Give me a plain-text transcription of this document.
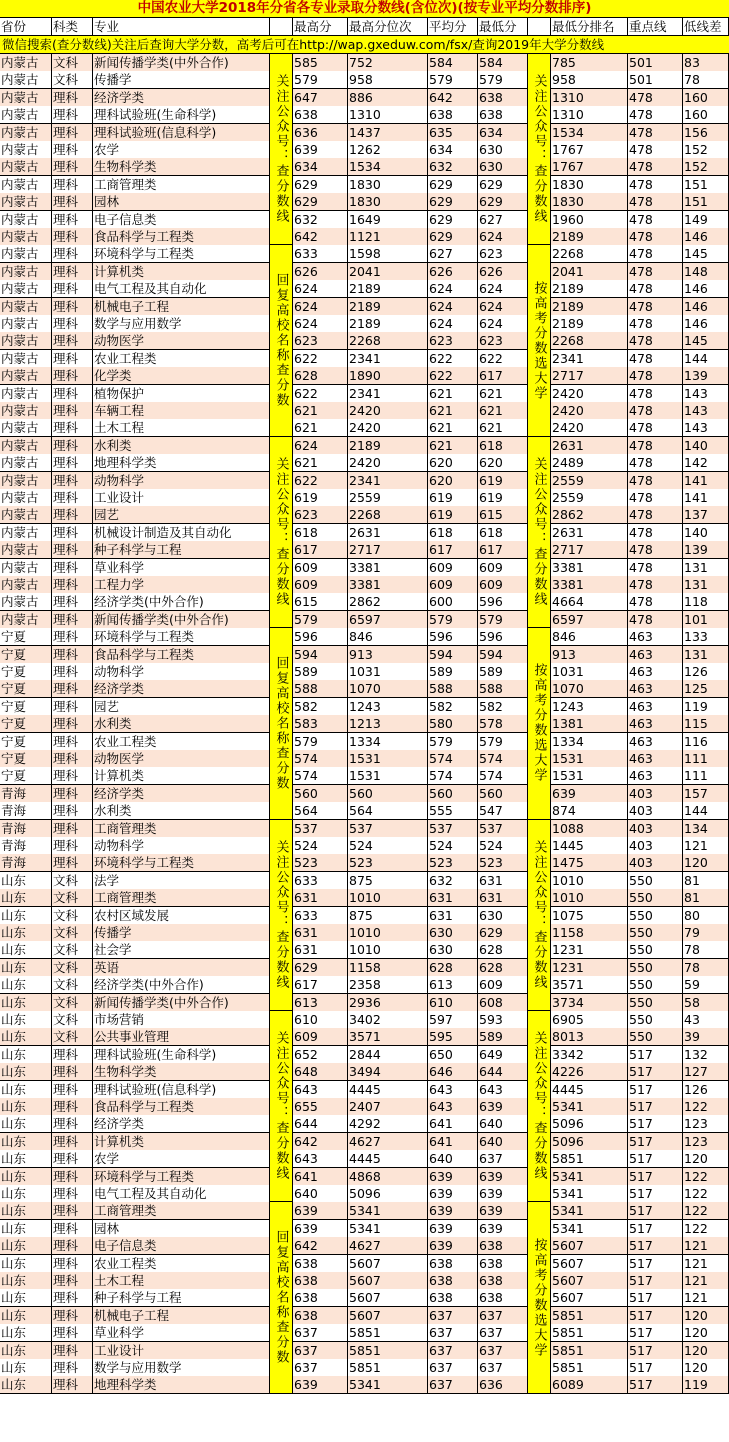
中国农业大学2018年分省各专业录取分数线(含位次)(按专业平均分数排序)
省份	科类	专业	最高分	最高分位次	平均分 最低分	最低分排名	重点线	低线差
微信搜索(查分数线)关注后查询大学分数，高考后可在http://wap.gxeduw.com/fsx/查询2019年大学分数线
内蒙古	文科	新闻传播学类(中外合作)	585	752	584	584	785	501	83
内蒙古	文科	传播学	579	958	579	579	958	501	78
内蒙古	理科	经济学类	647	886	642	638	1310	478	160
内蒙古	理科	理科试验班(生命科学)	638	1310	638	638	1310	478	160
内蒙古	理科	理科试验班(信息科学)	636	1437	635	634	1534	478	156
内蒙古	理科	农学	639	1262	634	630	1767	478	152
内蒙古	理科	生物科学类	634	1534	632	630	1767	478	152
内蒙古	理科	工商管理类	629	1830	629	629	1830	478	151
内蒙古	理科	园林	629	1830	629	629	1830	478	151
内蒙古	理科	电子信息类	632	1649	629	627	1960	478	149
内蒙古	理科	食品科学与工程类	642	1121	629	624	2189	478	146
内蒙古	理科	环境科学与工程类	633	1598	627	623	2268	478	145
内蒙古	理科	计算机类	626	2041	626	626	2041	478	148
内蒙古	理科	电气工程及其自动化	624	2189	624	624	2189	478	146
内蒙古	理科	机械电子工程	624	2189	624	624	2189	478	146
内蒙古	理科	数学与应用数学	624	2189	624	624	2189	478	146
内蒙古	理科	动物医学	623	2268	623	623	2268	478	145
内蒙古	理科	农业工程类	622	2341	622	622	2341	478	144
内蒙古	理科	化学类	628	1890	622	617	2717	478	139
内蒙古	理科	植物保护	622	2341	621	621	2420	478	143
内蒙古	理科	车辆工程	621	2420	621	621	2420	478	143
内蒙古	理科	土木工程	621	2420	621	621	2420	478	143
内蒙古	理科	水利类	624	2189	621	618	2631	478	140
内蒙古	理科	地理科学类	621	2420	620	620	2489	478	142
内蒙古	理科	动物科学	622	2341	620	619	2559	478	141
内蒙古	理科	工业设计	619	2559	619	619	2559	478	141
内蒙古	理科	园艺	623	2268	619	615	2862	478	137
内蒙古	理科	机械设计制造及其自动化	618	2631	618	618	2631	478	140
内蒙古	理科	种子科学与工程	617	2717	617	617	2717	478	139
内蒙古	理科	草业科学	609	3381	609	609	3381	478	131
内蒙古	理科	工程力学	609	3381	609	609	3381	478	131
内蒙古	理科	经济学类(中外合作)	615	2862	600	596	4664	478	118
内蒙古	理科	新闻传播学类(中外合作)	579	6597	579	579	6597	478	101
宁夏	理科	环境科学与工程类	596	846	596	596	846	463	133
宁夏	理科	食品科学与工程类	594	913	594	594	913	463	131
宁夏	理科	动物科学	589	1031	589	589	1031	463	126
宁夏	理科	经济学类	588	1070	588	588	1070	463	125
宁夏	理科	园艺	582	1243	582	582	1243	463	119
宁夏	理科	水利类	583	1213	580	578	1381	463	115
宁夏	理科	农业工程类	579	1334	579	579	1334	463	116
宁夏	理科	动物医学	574	1531	574	574	1531	463	111
宁夏	理科	计算机类	574	1531	574	574	1531	463	111
青海	理科	经济学类	560	560	560	560	639	403	157
青海	理科	水利类	564	564	555	547	874	403	144
青海	理科	工商管理类	537	537	537	537	1088	403	134
青海	理科	动物科学	524	524	524	524	1445	403	121
青海	理科	环境科学与工程类	523	523	523	523	1475	403	120
山东	文科	法学	633	875	632	631	1010	550	81
山东	文科	工商管理类	631	1010	631	631	1010	550	81
山东	文科	农村区域发展	633	875	631	630	1075	550	80
山东	文科	传播学	631	1010	630	629	1158	550	79
山东	文科	社会学	631	1010	630	628	1231	550	78
山东	文科	英语	629	1158	628	628	1231	550	78
山东	文科	经济学类(中外合作)	617	2358	613	609	3571	550	59
山东	文科	新闻传播学类(中外合作)	613	2936	610	608	3734	550	58
山东	文科	市场营销	610	3402	597	593	6905	550	43
山东	文科	公共事业管理	609	3571	595	589	8013	550	39
山东	理科	理科试验班(生命科学)	652	2844	650	649	3342	517	132
山东	理科	生物科学类	648	3494	646	644	4226	517	127
山东	理科	理科试验班(信息科学)	643	4445	643	643	4445	517	126
山东	理科	食品科学与工程类	655	2407	643	639	5341	517	122
山东	理科	经济学类	644	4292	641	640	5096	517	123
山东	理科	计算机类	642	4627	641	640	5096	517	123
山东	理科	农学	643	4445	640	637	5851	517	120
山东	理科	环境科学与工程类	641	4868	639	639	5341	517	122
山东	理科	电气工程及其自动化	640	5096	639	639	5341	517	122
山东	理科	工商管理类	639	5341	639	639	5341	517	122
山东	理科	园林	639	5341	639	639	5341	517	122
山东	理科	电子信息类	642	4627	639	638	5607	517	121
山东	理科	农业工程类	638	5607	638	638	5607	517	121
山东	理科	土木工程	638	5607	638	638	5607	517	121
山东	理科	种子科学与工程	638	5607	638	638	5607	517	121
山东	理科	机械电子工程	638	5607	637	637	5851	517	120
山东	理科	草业科学	637	5851	637	637	5851	517	120
山东	理科	工业设计	637	5851	637	637	5851	517	120
山东	理科	数学与应用数学	637	5851	637	637	5851	517	120
山东	理科	地理科学类	639	5341	637	636	6089	517	119
关注公众号：查分数线
回复高校名称查分数
关注公众号：查分数线
回复高校名称查分数
关注公众号：查分数线
关注公众号：查分数线
回复高校名称查分数
关注公众号：查分数线
按高考分数选大学
关注公众号：查分数线
按高考分数选大学
关注公众号：查分数线
关注公众号：查分数线
按高考分数选大学
